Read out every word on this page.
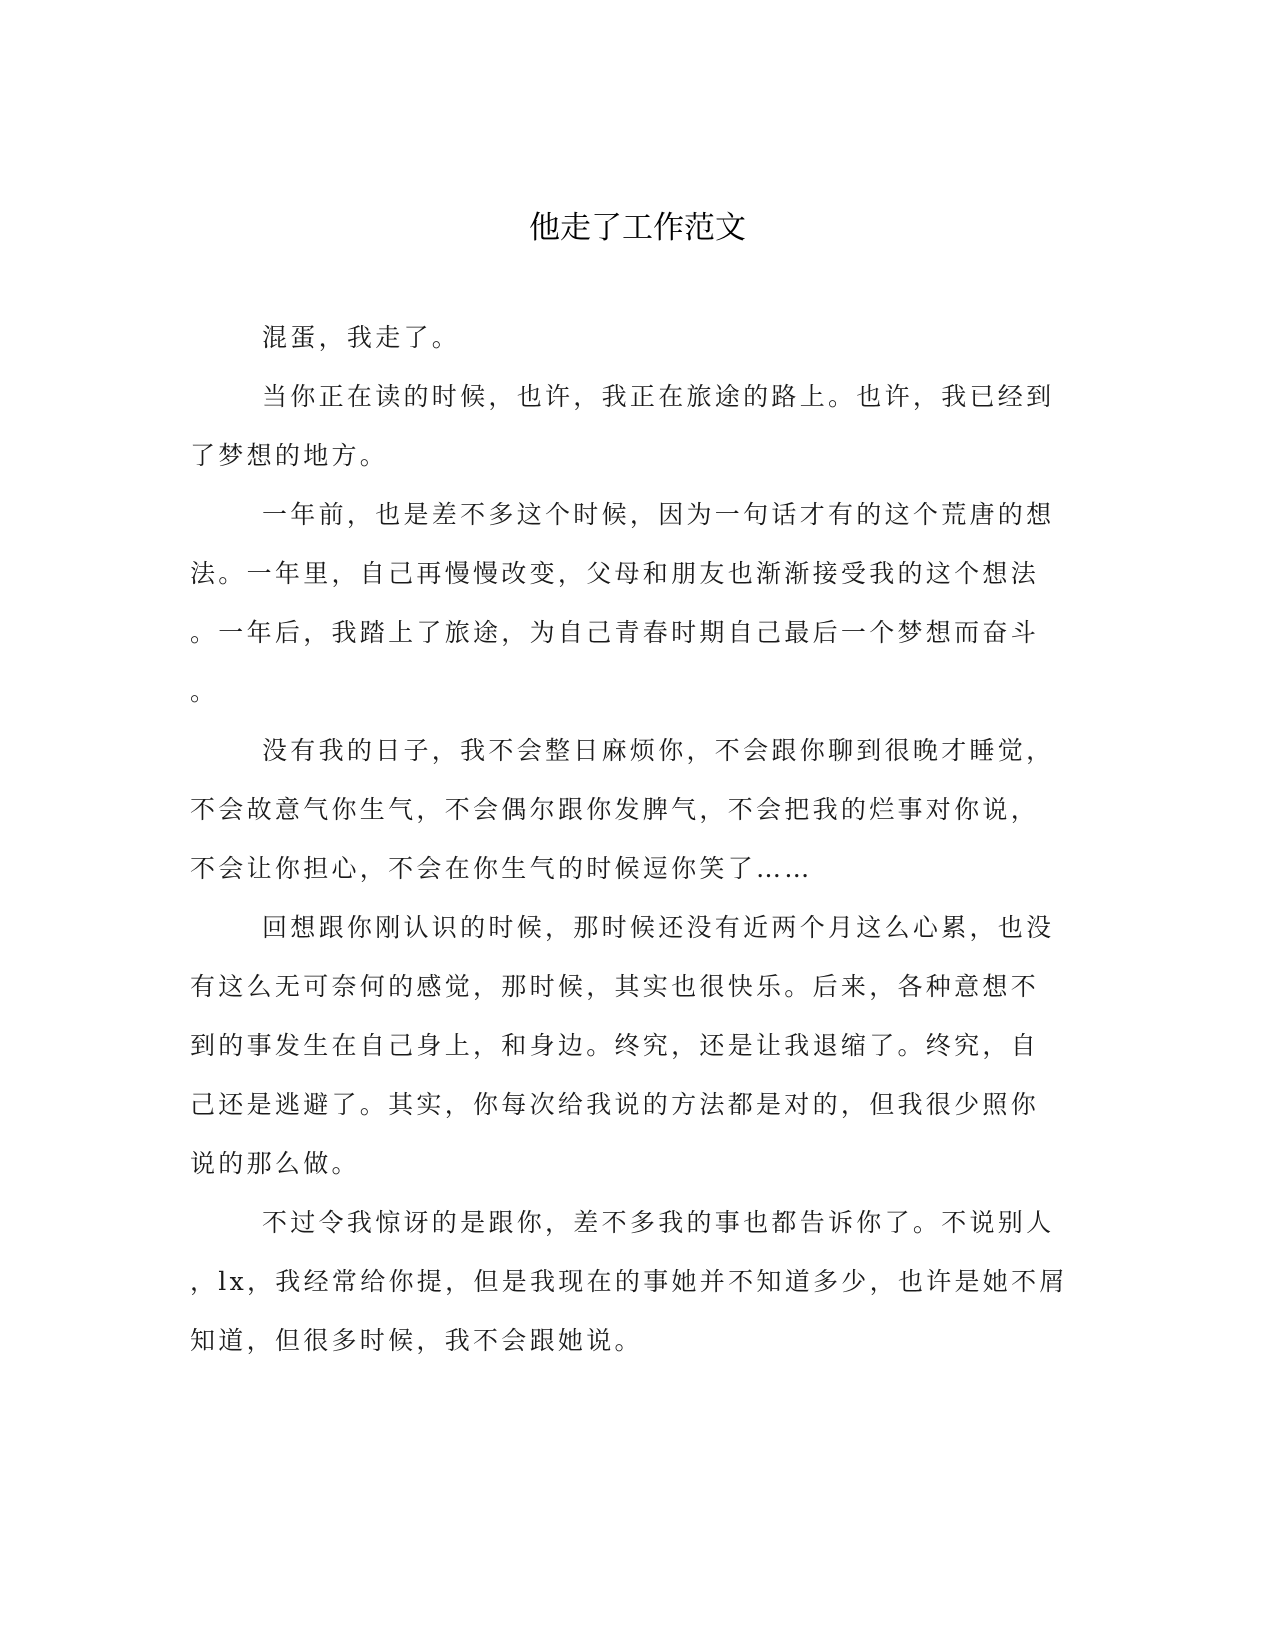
他走了工作范文
混蛋，我走了。
当你正在读的时候，也许，我正在旅途的路上。也许，我已经到
了梦想的地方。
一年前，也是差不多这个时候，因为一句话才有的这个荒唐的想
法。一年里，自己再慢慢改变，父母和朋友也渐渐接受我的这个想法
。一年后，我踏上了旅途，为自己青春时期自己最后一个梦想而奋斗
。
没有我的日子，我不会整日麻烦你，不会跟你聊到很晚才睡觉，
不会故意气你生气，不会偶尔跟你发脾气，不会把我的烂事对你说，
不会让你担心，不会在你生气的时候逗你笑了……
回想跟你刚认识的时候，那时候还没有近两个月这么心累，也没
有这么无可奈何的感觉，那时候，其实也很快乐。后来，各种意想不
到的事发生在自己身上，和身边。终究，还是让我退缩了。终究，自
己还是逃避了。其实，你每次给我说的方法都是对的，但我很少照你
说的那么做。
不过令我惊讶的是跟你，差不多我的事也都告诉你了。不说别人
，lx，我经常给你提，但是我现在的事她并不知道多少，也许是她不屑
知道，但很多时候，我不会跟她说。
